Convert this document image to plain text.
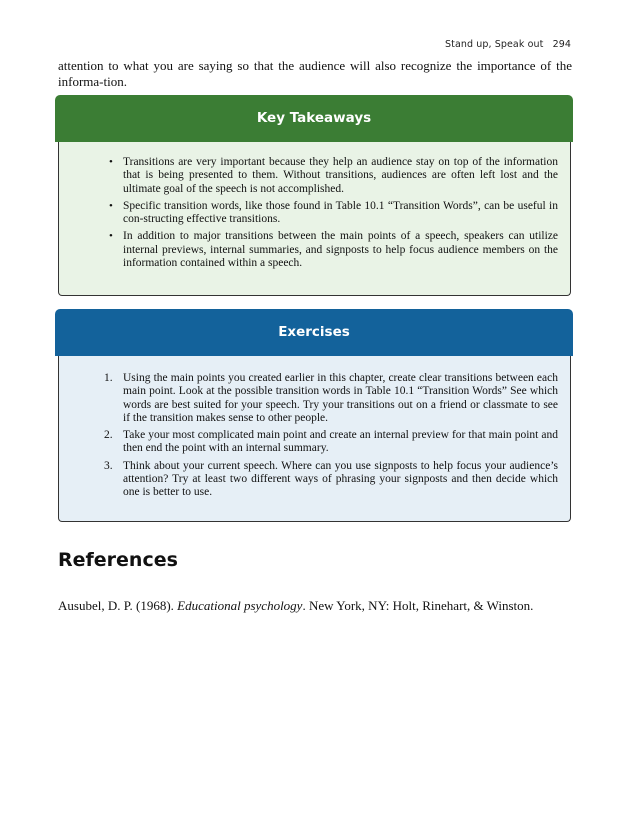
Stand up, Speak out 294

attention to what you are saying so that the audience will also recognize the importance of the informa-tion.

Key Takeaways
• Transitions are very important because they help an audience stay on top of the information that is being presented to them. Without transitions, audiences are often left lost and the ultimate goal of the speech is not accomplished.
• Specific transition words, like those found in Table 10.1 “Transition Words”, can be useful in con-structing effective transitions.
• In addition to major transitions between the main points of a speech, speakers can utilize internal previews, internal summaries, and signposts to help focus audience members on the information contained within a speech.
Exercises
1. Using the main points you created earlier in this chapter, create clear transitions between each main point. Look at the possible transition words in Table 10.1 “Transition Words” See which words are best suited for your speech. Try your transitions out on a friend or classmate to see if the transition makes sense to other people.
2. Take your most complicated main point and create an internal preview for that main point and then end the point with an internal summary.
3. Think about your current speech. Where can you use signposts to help focus your audience’s attention? Try at least two different ways of phrasing your signposts and then decide which one is better to use.
References

Ausubel, D. P. (1968). Educational psychology. New York, NY: Holt, Rinehart, & Winston.
